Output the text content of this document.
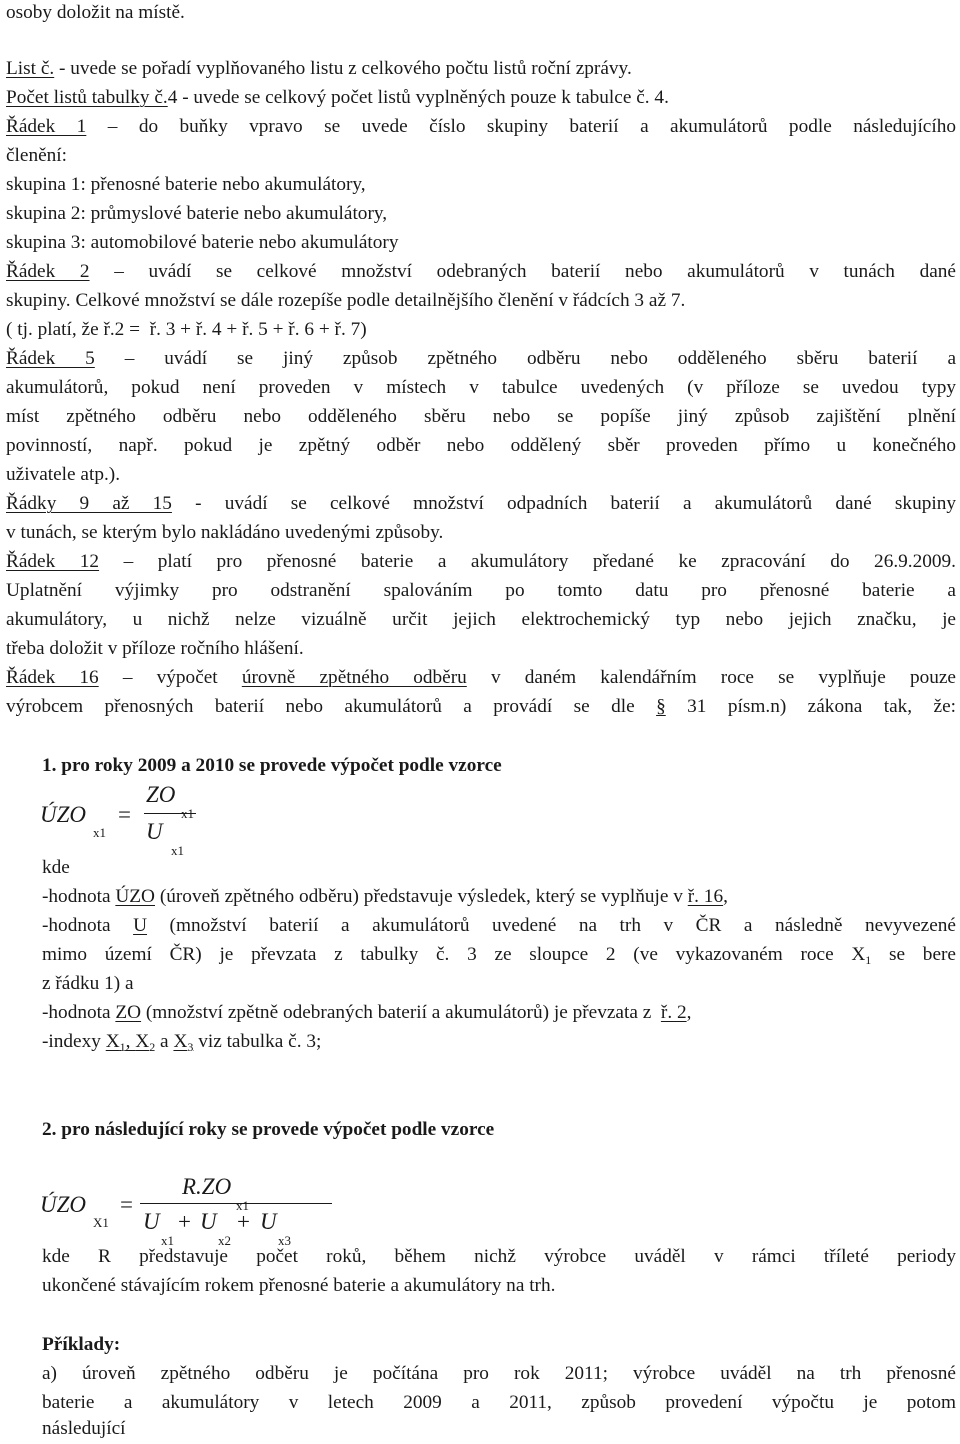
osoby doložit na místě.
List č. - uvede se pořadí vyplňovaného listu z celkového počtu listů roční zprávy.
Počet listů tabulky č.4 - uvede se celkový počet listů vyplněných pouze k tabulce č. 4.
Řádek 1 – do buňky vpravo se uvede číslo skupiny baterií a akumulátorů podle následujícího
členění:
skupina 1: přenosné baterie nebo akumulátory,
skupina 2: průmyslové baterie nebo akumulátory,
skupina 3: automobilové baterie nebo akumulátory
Řádek 2 – uvádí se celkové množství odebraných baterií nebo akumulátorů v tunách dané
skupiny. Celkové množství se dále rozepíše podle detailnějšího členění v řádcích 3 až 7.
( tj. platí, že ř.2 =  ř. 3 + ř. 4 + ř. 5 + ř. 6 + ř. 7)
Řádek 5 – uvádí se jiný způsob zpětného odběru nebo odděleného sběru baterií a
akumulátorů, pokud není proveden v místech v tabulce uvedených (v příloze se uvedou typy
míst zpětného odběru nebo odděleného sběru nebo se popíše jiný způsob zajištění plnění
povinností, např. pokud je zpětný odběr nebo oddělený sběr proveden přímo u konečného
uživatele atp.).
Řádky 9 až 15 - uvádí se celkové množství odpadních baterií a akumulátorů dané skupiny
v tunách, se kterým bylo nakládáno uvedenými způsoby.
Řádek 12 – platí pro přenosné baterie a akumulátory předané ke zpracování do 26.9.2009.
Uplatnění výjimky pro odstranění spalováním po tomto datu pro přenosné baterie a
akumulátory, u nichž nelze vizuálně určit jejich elektrochemický typ nebo jejich značku, je
třeba doložit v příloze ročního hlášení.
Řádek 16 – výpočet úrovně zpětného odběru v daném kalendářním roce se vyplňuje pouze
výrobcem přenosných baterií nebo akumulátorů a provádí se dle § 31 písm.n) zákona tak, že:
1. pro roky 2009 a 2010 se provede výpočet podle vzorce
ÚZO
x1
=
ZO
x1
U
x1
kde
-hodnota ÚZO (úroveň zpětného odběru) představuje výsledek, který se vyplňuje v ř. 16,
-hodnota U (množství baterií a akumulátorů uvedené na trh v ČR a následně nevyvezené
mimo území ČR) je převzata z tabulky č. 3 ze sloupce 2 (ve vykazovaném roce $X_1$ se bere
z řádku 1) a
-hodnota ZO (množství zpětně odebraných baterií a akumulátorů) je převzata z  ř. 2,
-indexy $X_1$, $X_2$ a $X_3$ viz tabulka č. 3;
2. pro následující roky se provede výpočet podle vzorce
ÚZO
X1
=
R.ZO
x1
U
x1
+ U
x2
+ U
x3
kde R představuje počet roků, během nichž výrobce uváděl v rámci tříleté periody
ukončené stávajícím rokem přenosné baterie a akumulátory na trh.
Příklady:
a) úroveň zpětného odběru je počítána pro rok 2011; výrobce uváděl na trh přenosné
baterie a akumulátory v letech 2009 a 2011, způsob provedení výpočtu je potom
následující
